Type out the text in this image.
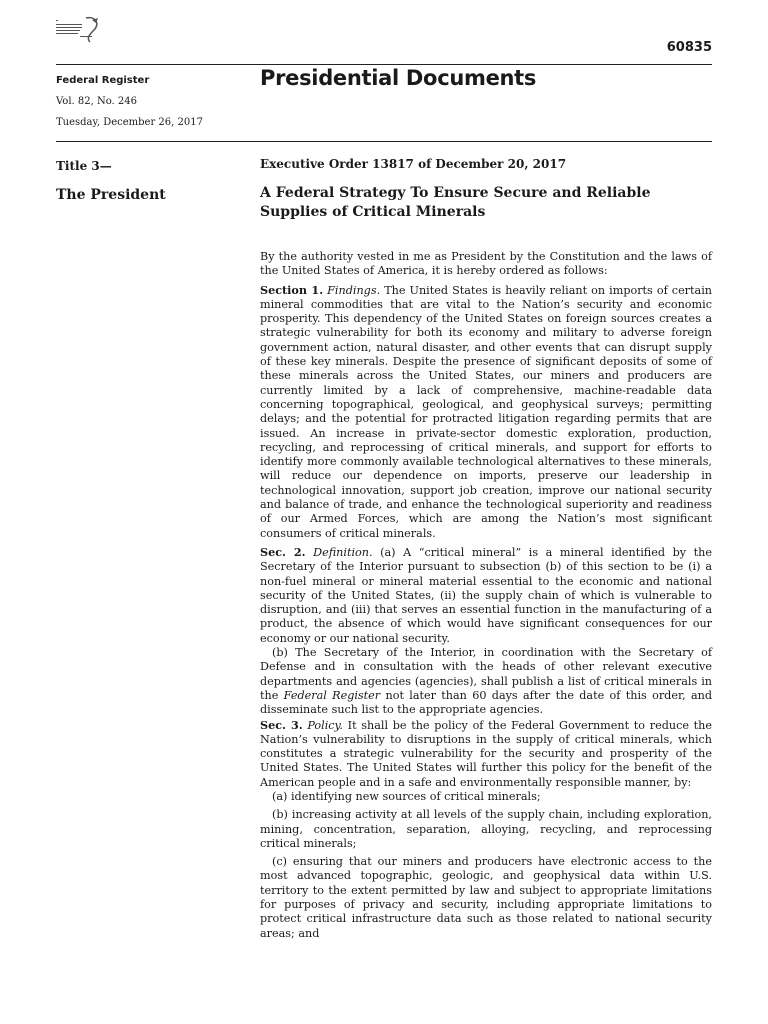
60835
Federal Register
Vol. 82, No. 246
Tuesday, December 26, 2017
Presidential Documents
Title 3—
The President
Executive Order 13817 of December 20, 2017
A Federal Strategy To Ensure Secure and Reliable Supplies of Critical Minerals

By the authority vested in me as President by the Constitution and the laws of the United States of America, it is hereby ordered as follows:

Section 1. Findings. The United States is heavily reliant on imports of certain mineral commodities that are vital to the Nation’s security and economic prosperity. This dependency of the United States on foreign sources creates a strategic vulnerability for both its economy and military to adverse foreign government action, natural disaster, and other events that can disrupt supply of these key minerals. Despite the presence of significant deposits of some of these minerals across the United States, our miners and producers are currently limited by a lack of comprehensive, machine-readable data concerning topographical, geological, and geophysical surveys; permitting delays; and the potential for protracted litigation regarding permits that are issued. An increase in private-sector domestic exploration, production, recycling, and reprocessing of critical minerals, and support for efforts to identify more commonly available technological alternatives to these minerals, will reduce our dependence on imports, preserve our leadership in technological innovation, support job creation, improve our national security and balance of trade, and enhance the technological superiority and readiness of our Armed Forces, which are among the Nation’s most significant consumers of critical minerals.

Sec. 2. Definition. (a) A “critical mineral” is a mineral identified by the Secretary of the Interior pursuant to subsection (b) of this section to be (i) a non-fuel mineral or mineral material essential to the economic and national security of the United States, (ii) the supply chain of which is vulnerable to disruption, and (iii) that serves an essential function in the manufacturing of a product, the absence of which would have significant consequences for our economy or our national security.

(b) The Secretary of the Interior, in coordination with the Secretary of Defense and in consultation with the heads of other relevant executive departments and agencies (agencies), shall publish a list of critical minerals in the Federal Register not later than 60 days after the date of this order, and disseminate such list to the appropriate agencies.

Sec. 3. Policy. It shall be the policy of the Federal Government to reduce the Nation’s vulnerability to disruptions in the supply of critical minerals, which constitutes a strategic vulnerability for the security and prosperity of the United States. The United States will further this policy for the benefit of the American people and in a safe and environmentally responsible manner, by:

(a) identifying new sources of critical minerals;

(b) increasing activity at all levels of the supply chain, including exploration, mining, concentration, separation, alloying, recycling, and reprocessing critical minerals;

(c) ensuring that our miners and producers have electronic access to the most advanced topographic, geologic, and geophysical data within U.S. territory to the extent permitted by law and subject to appropriate limitations for purposes of privacy and security, including appropriate limitations to protect critical infrastructure data such as those related to national security areas; and
